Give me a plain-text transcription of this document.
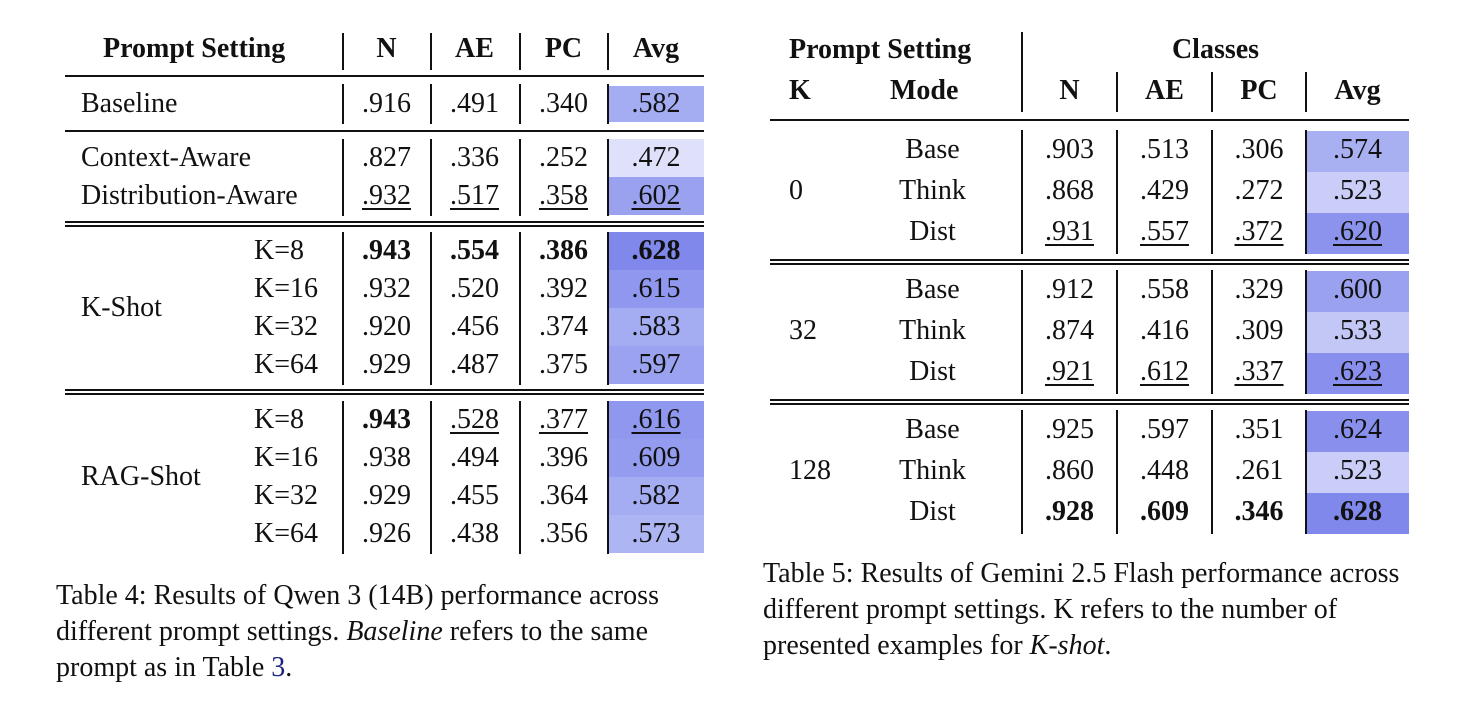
Prompt Setting	N	AE	PC	Avg
Baseline	.916	.491	.340	.582
Context-Aware	.827	.336	.252	.472
Distribution-Aware	.932	.517	.358	.602
K-Shot
K=8	.943	.554	.386	.628
K=16	.932	.520	.392	.615
K=32	.920	.456	.374	.583
K=64	.929	.487	.375	.597
RAG-Shot
K=8	.943	.528	.377	.616
K=16	.938	.494	.396	.609
K=32	.929	.455	.364	.582
K=64	.926	.438	.356	.573
Table 4: Results of Qwen 3 (14B) performance across different prompt settings. Baseline refers to the same prompt as in Table 3.
Prompt Setting	Classes
K	Mode	N	AE	PC	Avg
0
Base	.903	.513	.306	.574
Think	.868	.429	.272	.523
Dist	.931	.557	.372	.620
32
Base	.912	.558	.329	.600
Think	.874	.416	.309	.533
Dist	.921	.612	.337	.623
128
Base	.925	.597	.351	.624
Think	.860	.448	.261	.523
Dist	.928	.609	.346	.628
Table 5: Results of Gemini 2.5 Flash performance across different prompt settings. K refers to the number of presented examples for K-shot.
